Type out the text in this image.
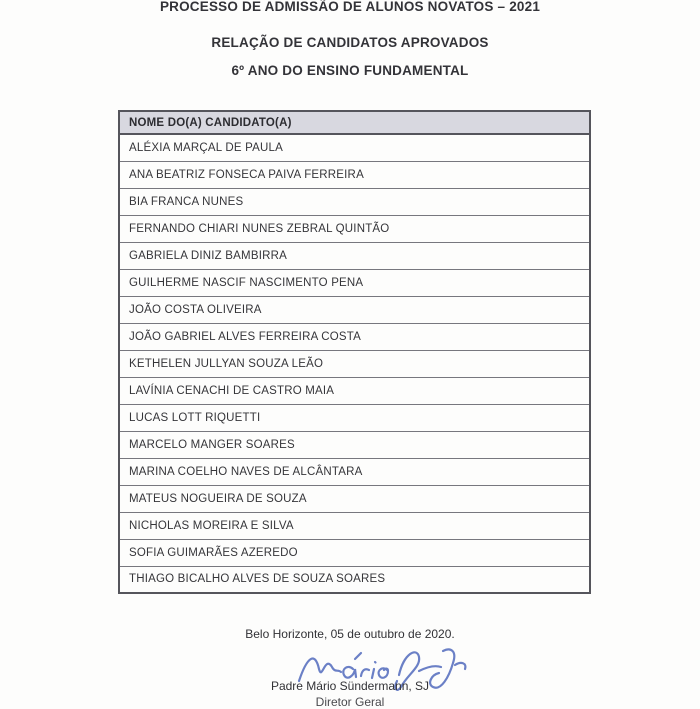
PROCESSO DE ADMISSÃO DE ALUNOS NOVATOS – 2021
RELAÇÃO DE CANDIDATOS APROVADOS
6º ANO DO ENSINO FUNDAMENTAL
NOME DO(A) CANDIDATO(A)
ALÉXIA MARÇAL DE PAULA
ANA BEATRIZ FONSECA PAIVA FERREIRA
BIA FRANCA NUNES
FERNANDO CHIARI NUNES ZEBRAL QUINTÃO
GABRIELA DINIZ BAMBIRRA
GUILHERME NASCIF NASCIMENTO PENA
JOÃO COSTA OLIVEIRA
JOÃO GABRIEL ALVES FERREIRA COSTA
KETHELEN JULLYAN SOUZA LEÃO
LAVÍNIA CENACHI DE CASTRO MAIA
LUCAS LOTT RIQUETTI
MARCELO MANGER SOARES
MARINA COELHO NAVES DE ALCÂNTARA
MATEUS NOGUEIRA DE SOUZA
NICHOLAS MOREIRA E SILVA
SOFIA GUIMARÃES AZEREDO
THIAGO BICALHO ALVES DE SOUZA SOARES
Belo Horizonte, 05 de outubro de 2020.
Padre Mário Sündermann, SJ
Diretor Geral
